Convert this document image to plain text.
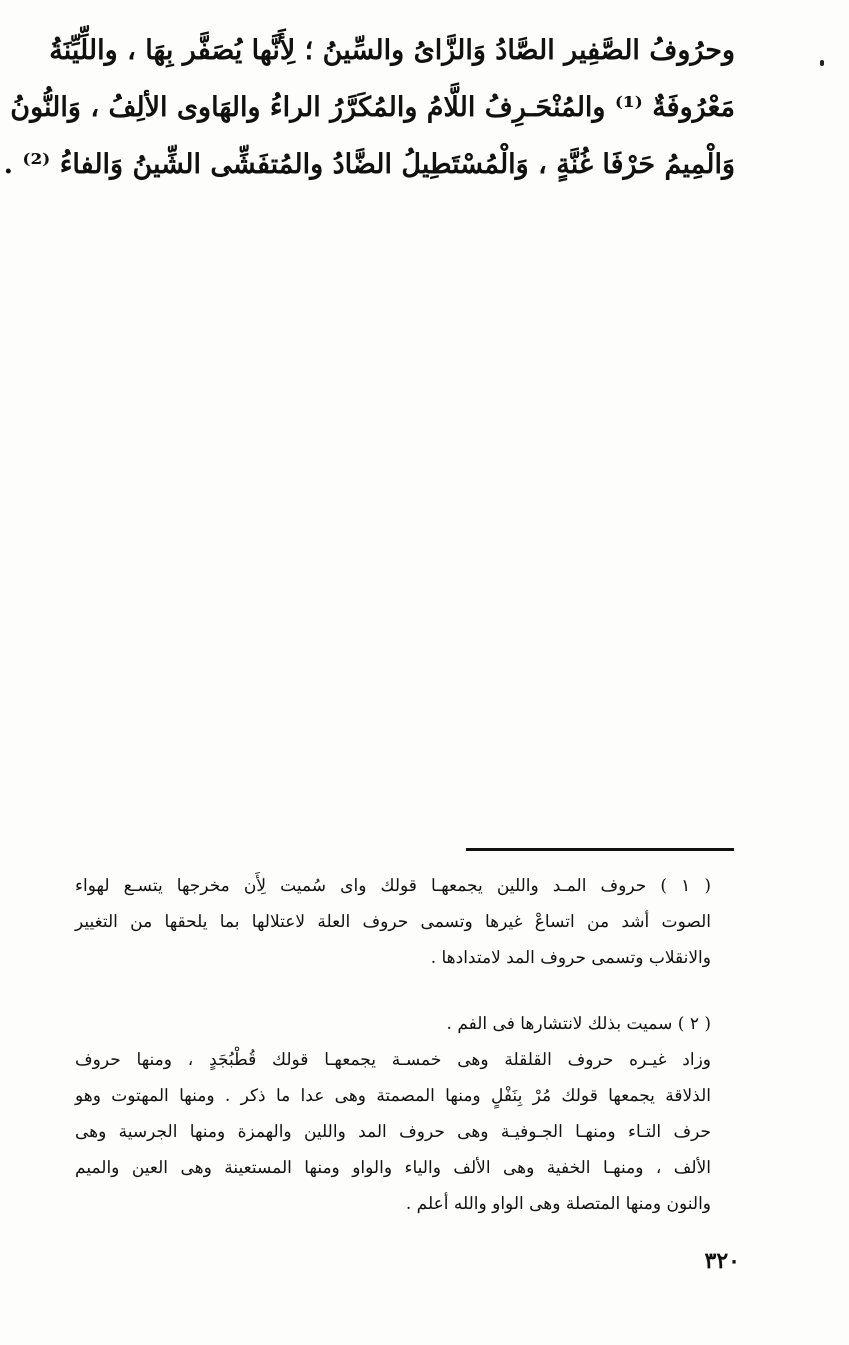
وحرُوفُ الصَّفِير الصَّادُ وَالزَّاىُ والسِّينُ ؛ لِأَنَّها يُصَفَّر بِهَا ، واللِّيِّنَةُ
مَعْرُوفَةٌ ⁽¹⁾ والمُنْحَـرِفُ اللَّامُ والمُكَرَّرُ الراءُ والهَاوى الألِفُ ، وَالنُّونُ
وَالْمِيمُ حَرْفَا غُنَّةٍ ، وَالْمُسْتَطِيلُ الضَّادُ والمُتفَشِّى الشِّينُ وَالفاءُ ⁽²⁾ .
( ١ ) حروف المـد واللين يجمعهـا قولك واى سُميت لِأَن مخرجها يتسـع لهواء
الصوت أشد من اتساعْ غيرها وتسمى حروف العلة لاعتلالها بما يلحقها من التغيير
والانقلاب وتسمى حروف المد لامتدادها .
( ٢ ) سميت بذلك لانتشارها فى الفم .
وزاد غيـره حروف القلقلة وهى خمسـة يجمعهـا قولك قُطْبُجَدٍ ، ومنها حروف
الذلاقة يجمعها قولك مُرْ بِنَفْلٍ ومنها المصمتة وهى عدا ما ذكر . ومنها المهتوت وهو
حرف التـاء ومنهـا الجـوفيـة وهى حروف المد واللين والهمزة ومنها الجرسية وهى
الألف ، ومنهـا الخفية وهى الألف والياء والواو ومنها المستعينة وهى العين والميم
والنون ومنها المتصلة وهى الواو والله أعلم .
٣٢٠
